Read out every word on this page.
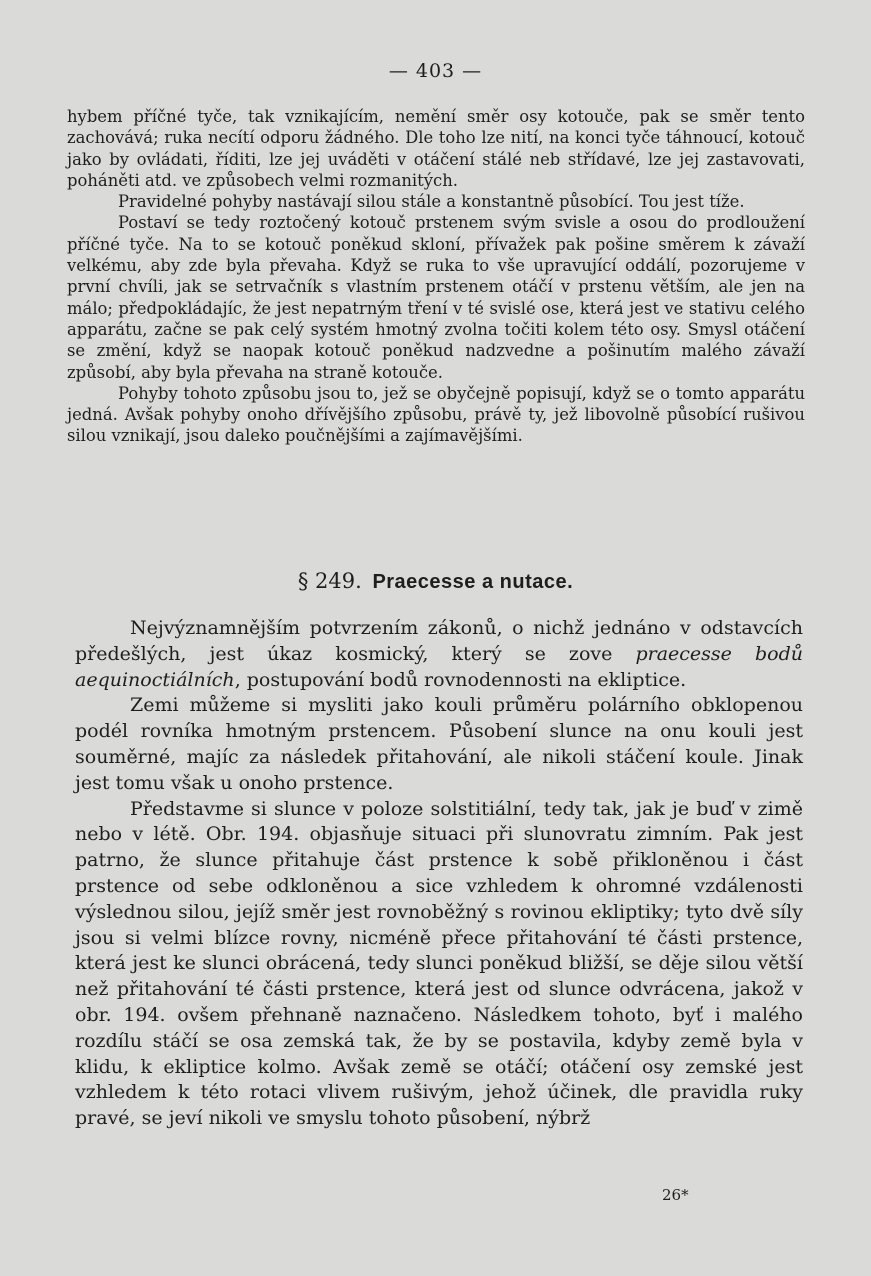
— 403 —

hybem příčné tyče, tak vznikajícím, nemění směr osy kotouče, pak se směr tento zachovává; ruka necítí odporu žádného. Dle toho lze nití, na konci tyče táhnoucí, kotouč jako by ovládati, říditi, lze jej uváděti v otáčení stálé neb střídavé, lze jej zastavovati, poháněti atd. ve způsobech velmi rozmanitých.

Pravidelné pohyby nastávají silou stále a konstantně působící. Tou jest tíže.

Postaví se tedy roztočený kotouč prstenem svým svisle a osou do prodloužení příčné tyče. Na to se kotouč poněkud skloní, přívažek pak pošine směrem k závaží velkému, aby zde byla převaha. Když se ruka to vše upravující oddálí, pozorujeme v první chvíli, jak se setrvačník s vlastním prstenem otáčí v prstenu větším, ale jen na málo; předpokládajíc, že jest nepatrným tření v té svislé ose, která jest ve stativu celého apparátu, začne se pak celý systém hmotný zvolna točiti kolem této osy. Smysl otáčení se změní, když se naopak kotouč poněkud nadzvedne a pošinutím malého závaží způsobí, aby byla převaha na straně kotouče.

Pohyby tohoto způsobu jsou to, jež se obyčejně popisují, když se o tomto apparátu jedná. Avšak pohyby onoho dřívějšího způsobu, právě ty, jež libovolně působící rušivou silou vznikají, jsou daleko poučnějšími a zajímavějšími.

§ 249. Praecesse a nutace.

Nejvýznamnějším potvrzením zákonů, o nichž jednáno v odstavcích předešlých, jest úkaz kosmický, který se zove praecesse bodů aequinoctiálních, postupování bodů rovnodennosti na ekliptice.

Zemi můžeme si mysliti jako kouli průměru polárního obklopenou podél rovníka hmotným prstencem. Působení slunce na onu kouli jest souměrné, majíc za následek přitahování, ale nikoli stáčení koule. Jinak jest tomu však u onoho prstence.

Představme si slunce v poloze solstitiální, tedy tak, jak je buď v zimě nebo v létě. Obr. 194. objasňuje situaci při slunovratu zimním. Pak jest patrno, že slunce přitahuje část prstence k sobě přikloněnou i část prstence od sebe odkloněnou a sice vzhledem k ohromné vzdálenosti výslednou silou, jejíž směr jest rovnoběžný s rovinou ekliptiky; tyto dvě síly jsou si velmi blízce rovny, nicméně přece přitahování té části prstence, která jest ke slunci obrácená, tedy slunci poněkud bližší, se děje silou větší než přitahování té části prstence, která jest od slunce odvrácena, jakož v obr. 194. ovšem přehnaně naznačeno. Následkem tohoto, byť i malého rozdílu stáčí se osa zemská tak, že by se postavila, kdyby země byla v klidu, k ekliptice kolmo. Avšak země se otáčí; otáčení osy zemské jest vzhledem k této rotaci vlivem rušivým, jehož účinek, dle pravidla ruky pravé, se jeví nikoli ve smyslu tohoto působení, nýbrž

26*
